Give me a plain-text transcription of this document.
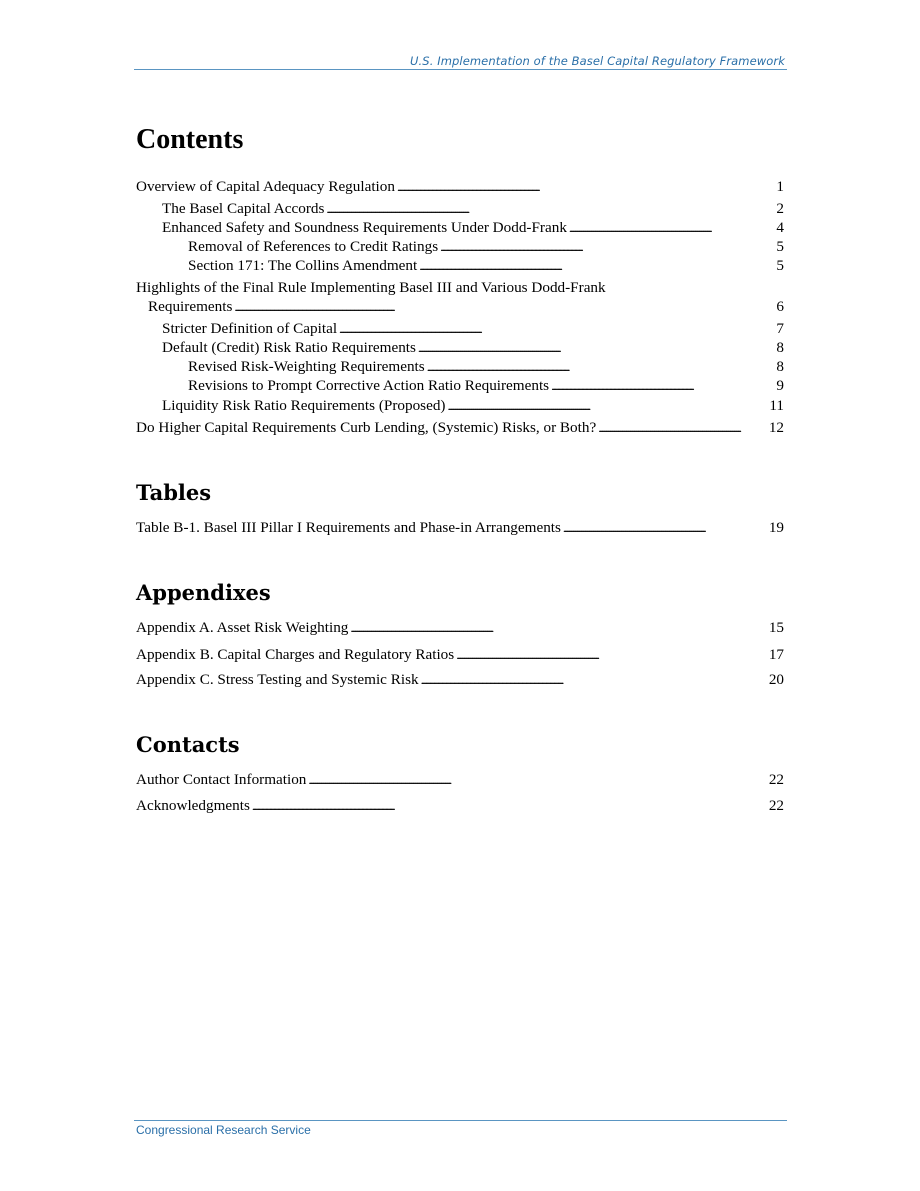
U.S. Implementation of the Basel Capital Regulatory Framework
Contents
Overview of Capital Adequacy Regulation . . .	1
The Basel Capital Accords . . .	2
Enhanced Safety and Soundness Requirements Under Dodd-Frank . . .	4
Removal of References to Credit Ratings . . .	5
Section 171: The Collins Amendment . . .	5
Highlights of the Final Rule Implementing Basel III and Various Dodd-Frank
Requirements . . .	6
Stricter Definition of Capital . . .	7
Default (Credit) Risk Ratio Requirements . . .	8
Revised Risk-Weighting Requirements . . .	8
Revisions to Prompt Corrective Action Ratio Requirements . . .	9
Liquidity Risk Ratio Requirements (Proposed) . . .	11
Do Higher Capital Requirements Curb Lending, (Systemic) Risks, or Both? . . .	12
Tables
Table B-1. Basel III Pillar I Requirements and Phase-in Arrangements . . .	19
Appendixes
Appendix A. Asset Risk Weighting . . .	15
Appendix B. Capital Charges and Regulatory Ratios . . .	17
Appendix C. Stress Testing and Systemic Risk . . .	20
Contacts
Author Contact Information . . .	22
Acknowledgments . . .	22
Congressional Research Service
